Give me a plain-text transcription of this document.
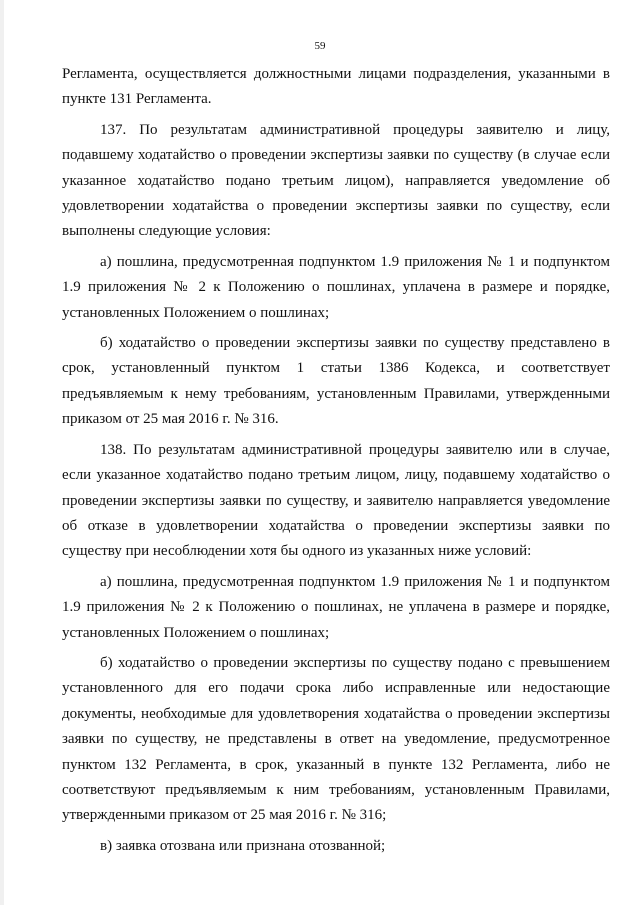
59

Регламента, осуществляется должностными лицами подразделения, указанными в пункте 131 Регламента.

137. По результатам административной процедуры заявителю и лицу, подавшему ходатайство о проведении экспертизы заявки по существу (в случае если указанное ходатайство подано третьим лицом), направляется уведомление об удовлетворении ходатайства о проведении экспертизы заявки по существу, если выполнены следующие условия:

а) пошлина, предусмотренная подпунктом 1.9 приложения № 1 и подпунктом 1.9 приложения № 2 к Положению о пошлинах, уплачена в размере и порядке, установленных Положением о пошлинах;

б) ходатайство о проведении экспертизы заявки по существу представлено в срок, установленный пунктом 1 статьи 1386 Кодекса, и соответствует предъявляемым к нему требованиям, установленным Правилами, утвержденными приказом от 25 мая 2016 г. № 316.

138. По результатам административной процедуры заявителю или в случае, если указанное ходатайство подано третьим лицом, лицу, подавшему ходатайство о проведении экспертизы заявки по существу, и заявителю направляется уведомление об отказе в удовлетворении ходатайства о проведении экспертизы заявки по существу при несоблюдении хотя бы одного из указанных ниже условий:

а) пошлина, предусмотренная подпунктом 1.9 приложения № 1 и подпунктом 1.9 приложения № 2 к Положению о пошлинах, не уплачена в размере и порядке, установленных Положением о пошлинах;

б) ходатайство о проведении экспертизы по существу подано с превышением установленного для его подачи срока либо исправленные или недостающие документы, необходимые для удовлетворения ходатайства о проведении экспертизы заявки по существу, не представлены в ответ на уведомление, предусмотренное пунктом 132 Регламента, в срок, указанный в пункте 132 Регламента, либо не соответствуют предъявляемым к ним требованиям, установленным Правилами, утвержденными приказом от 25 мая 2016 г. № 316;

в) заявка отозвана или признана отозванной;
